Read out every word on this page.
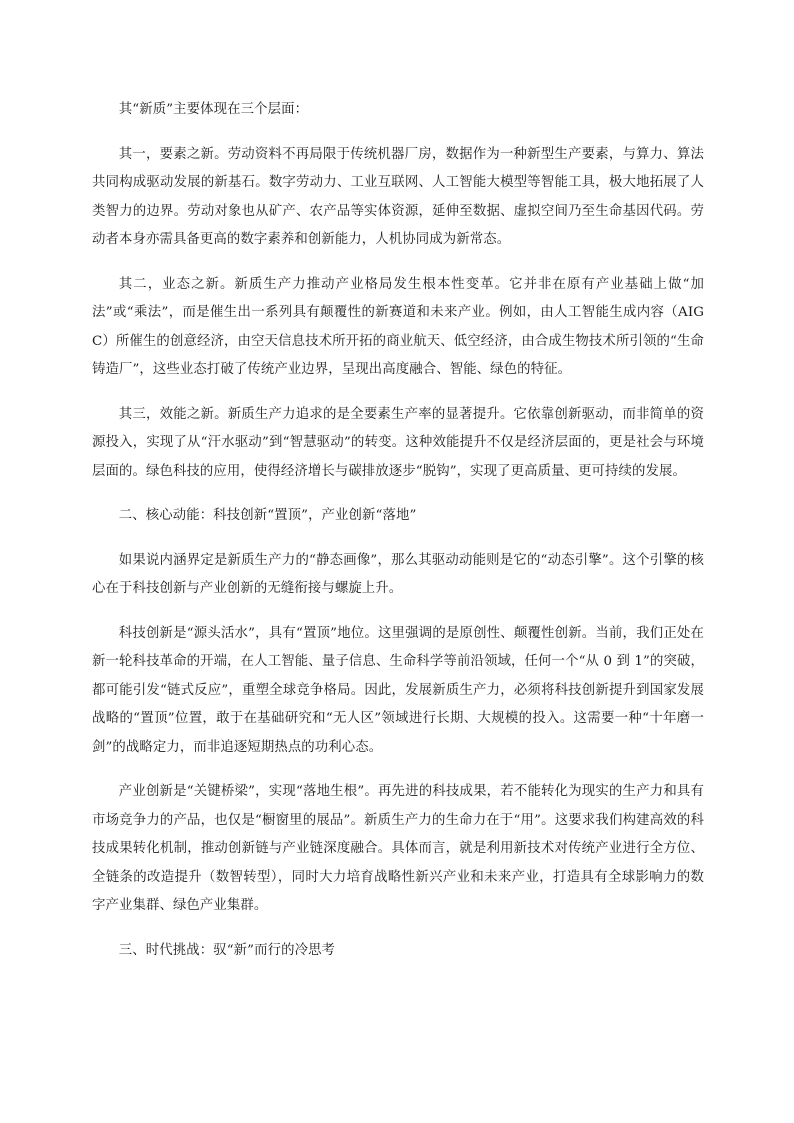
其“新质”主要体现在三个层面：

其一，要素之新。劳动资料不再局限于传统机器厂房，数据作为一种新型生产要素，与算力、算法共同构成驱动发展的新基石。数字劳动力、工业互联网、人工智能大模型等智能工具，极大地拓展了人类智力的边界。劳动对象也从矿产、农产品等实体资源，延伸至数据、虚拟空间乃至生命基因代码。劳动者本身亦需具备更高的数字素养和创新能力，人机协同成为新常态。

其二，业态之新。新质生产力推动产业格局发生根本性变革。它并非在原有产业基础上做“加法”或“乘法”，而是催生出一系列具有颠覆性的新赛道和未来产业。例如，由人工智能生成内容（AIGC）所催生的创意经济，由空天信息技术所开拓的商业航天、低空经济，由合成生物技术所引领的“生命铸造厂”，这些业态打破了传统产业边界，呈现出高度融合、智能、绿色的特征。

其三，效能之新。新质生产力追求的是全要素生产率的显著提升。它依靠创新驱动，而非简单的资源投入，实现了从“汗水驱动”到“智慧驱动”的转变。这种效能提升不仅是经济层面的，更是社会与环境层面的。绿色科技的应用，使得经济增长与碳排放逐步“脱钩”，实现了更高质量、更可持续的发展。

二、核心动能：科技创新“置顶”，产业创新“落地”

如果说内涵界定是新质生产力的“静态画像”，那么其驱动动能则是它的“动态引擎”。这个引擎的核心在于科技创新与产业创新的无缝衔接与螺旋上升。

科技创新是“源头活水”，具有“置顶”地位。这里强调的是原创性、颠覆性创新。当前，我们正处在新一轮科技革命的开端，在人工智能、量子信息、生命科学等前沿领域，任何一个“从 0 到 1”的突破，都可能引发“链式反应”，重塑全球竞争格局。因此，发展新质生产力，必须将科技创新提升到国家发展战略的“置顶”位置，敢于在基础研究和“无人区”领域进行长期、大规模的投入。这需要一种“十年磨一剑”的战略定力，而非追逐短期热点的功利心态。

产业创新是“关键桥梁”，实现“落地生根”。再先进的科技成果，若不能转化为现实的生产力和具有市场竞争力的产品，也仅是“橱窗里的展品”。新质生产力的生命力在于“用”。这要求我们构建高效的科技成果转化机制，推动创新链与产业链深度融合。具体而言，就是利用新技术对传统产业进行全方位、全链条的改造提升（数智转型），同时大力培育战略性新兴产业和未来产业，打造具有全球影响力的数字产业集群、绿色产业集群。

三、时代挑战：驭“新”而行的冷思考
